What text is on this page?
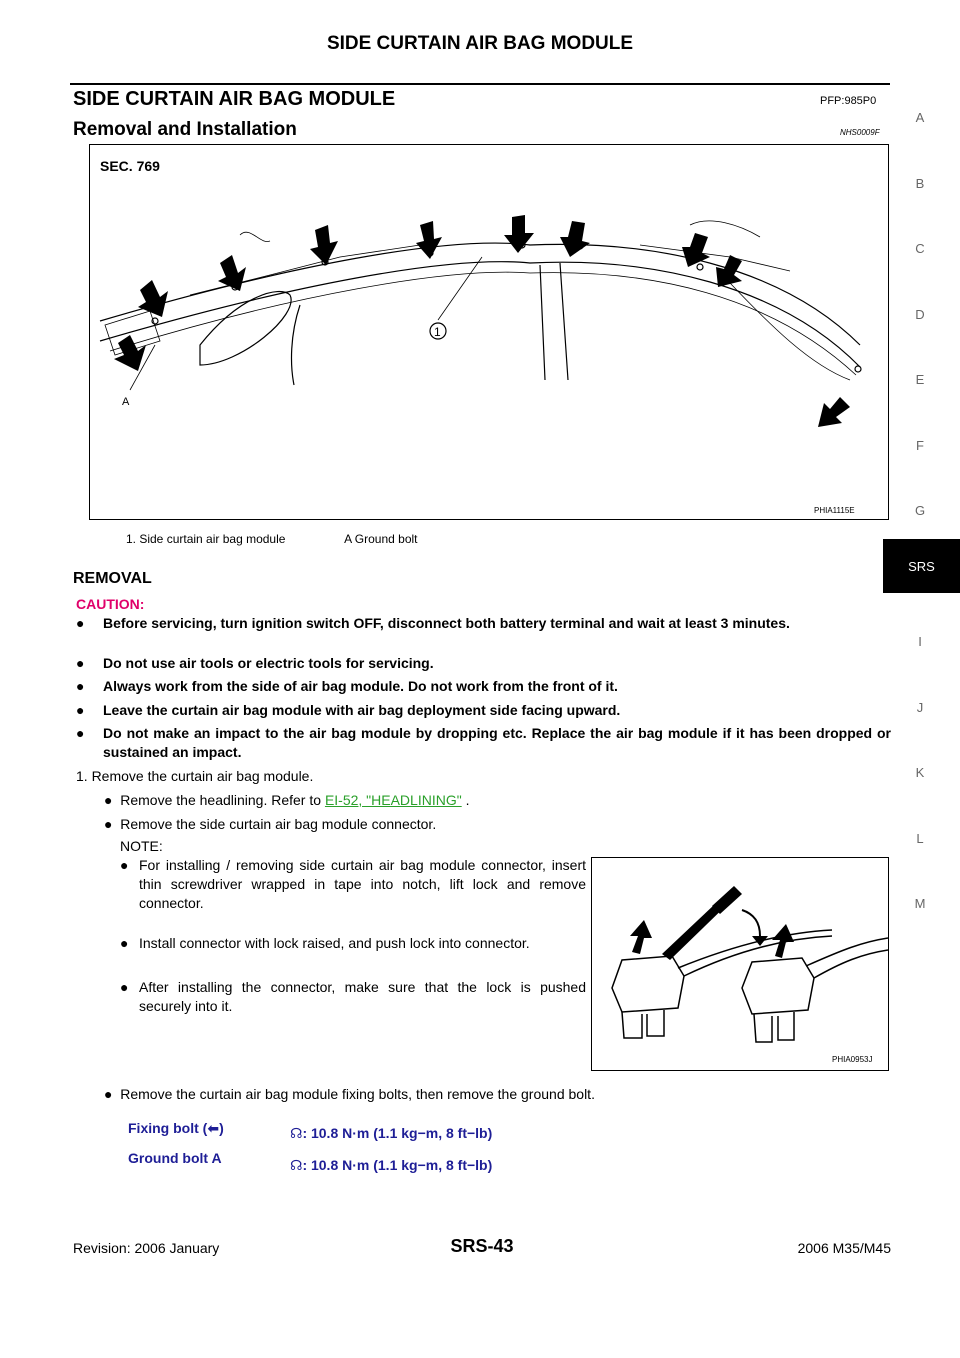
SIDE CURTAIN AIR BAG MODULE
SIDE CURTAIN AIR BAG MODULE	PFP:985P0
Removal and Installation	NHS0009F
A
B
C
D
E
F
G
I
J
K
L
M
SRS
SEC. 769
1
A
PHIA1115E
1. Side curtain air bag module	A Ground bolt
REMOVAL
CAUTION:
● Before servicing, turn ignition switch OFF, disconnect both battery terminal and wait at least 3 minutes.
● Do not use air tools or electric tools for servicing.
● Always work from the side of air bag module. Do not work from the front of it.
● Leave the curtain air bag module with air bag deployment side facing upward.
● Do not make an impact to the air bag module by dropping etc. Replace the air bag module if it has been dropped or sustained an impact.
1. Remove the curtain air bag module.
●  Remove the headlining. Refer to EI-52, "HEADLINING" .
●  Remove the side curtain air bag module connector.
NOTE:
● For installing / removing side curtain air bag module connector, insert thin screwdriver wrapped in tape into notch, lift lock and remove connector.
● Install connector with lock raised, and push lock into connector.
● After installing the connector, make sure that the lock is pushed securely into it.
PHIA0953J
●  Remove the curtain air bag module fixing bolts, then remove the ground bolt.
Fixing bolt (⬅)	☊: 10.8 N·m (1.1 kg−m, 8 ft−lb)
Ground bolt A	☊: 10.8 N·m (1.1 kg−m, 8 ft−lb)
Revision: 2006 January	SRS-43	2006 M35/M45
